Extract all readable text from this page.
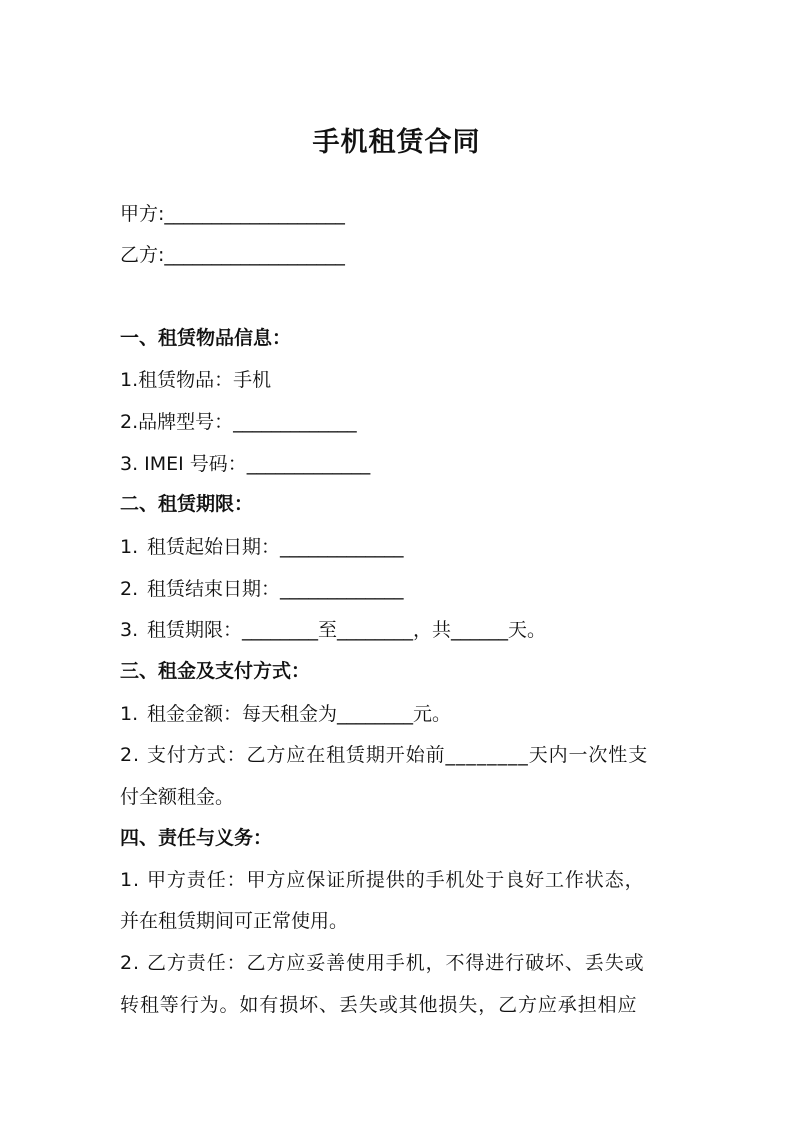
手机租赁合同
甲方:___________________
乙方:___________________
一、租赁物品信息：
1.租赁物品：手机
2.品牌型号：_____________
3. IMEI 号码：_____________
二、租赁期限：
1. 租赁起始日期：_____________
2. 租赁结束日期：_____________
3. 租赁期限：________至________，共______天。
三、租金及支付方式：
1. 租金金额：每天租金为________元。
2. 支付方式：乙方应在租赁期开始前________天内一次性支
付全额租金。
四、责任与义务：
1. 甲方责任：甲方应保证所提供的手机处于良好工作状态，
并在租赁期间可正常使用。
2. 乙方责任：乙方应妥善使用手机，不得进行破坏、丢失或
转租等行为。如有损坏、丢失或其他损失，乙方应承担相应
